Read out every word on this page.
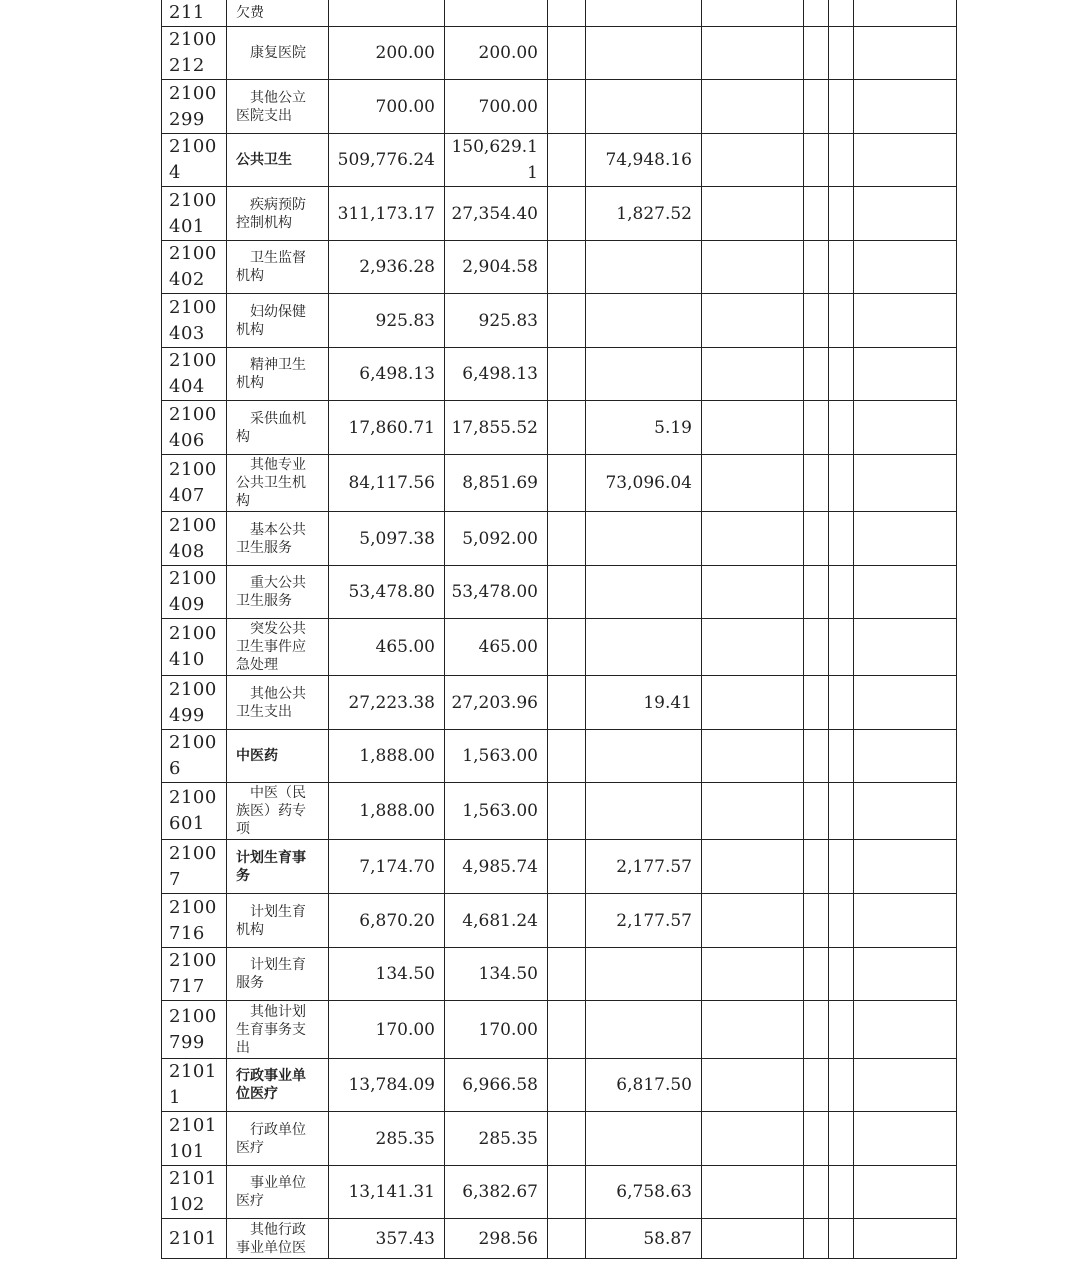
211	欠费									

2100
212	康复医院	200.00	200.00							

2100
299	其他公立
医院支出	700.00	700.00							

2100
4	公共卫生	509,776.24	150,629.1
1		74,948.16					

2100
401	疾病预防
控制机构	311,173.17	27,354.40		1,827.52					

2100
402	卫生监督
机构	2,936.28	2,904.58							

2100
403	妇幼保健
机构	925.83	925.83							

2100
404	精神卫生
机构	6,498.13	6,498.13							

2100
406	采供血机
构	17,860.71	17,855.52		5.19					

2100
407	其他专业
公共卫生机
构	84,117.56	8,851.69		73,096.04					

2100
408	基本公共
卫生服务	5,097.38	5,092.00							

2100
409	重大公共
卫生服务	53,478.80	53,478.00							

2100
410	突发公共
卫生事件应
急处理	465.00	465.00							

2100
499	其他公共
卫生支出	27,223.38	27,203.96		19.41					

2100
6	中医药	1,888.00	1,563.00							

2100
601	中医（民
族医）药专
项	1,888.00	1,563.00							

2100
7	计划生育事
务	7,174.70	4,985.74		2,177.57					

2100
716	计划生育
机构	6,870.20	4,681.24		2,177.57					

2100
717	计划生育
服务	134.50	134.50							

2100
799	其他计划
生育事务支
出	170.00	170.00							

2101
1	行政事业单
位医疗	13,784.09	6,966.58		6,817.50					

2101
101	行政单位
医疗	285.35	285.35							

2101
102	事业单位
医疗	13,141.31	6,382.67		6,758.63					

2101	其他行政
事业单位医	357.43	298.56		58.87					
